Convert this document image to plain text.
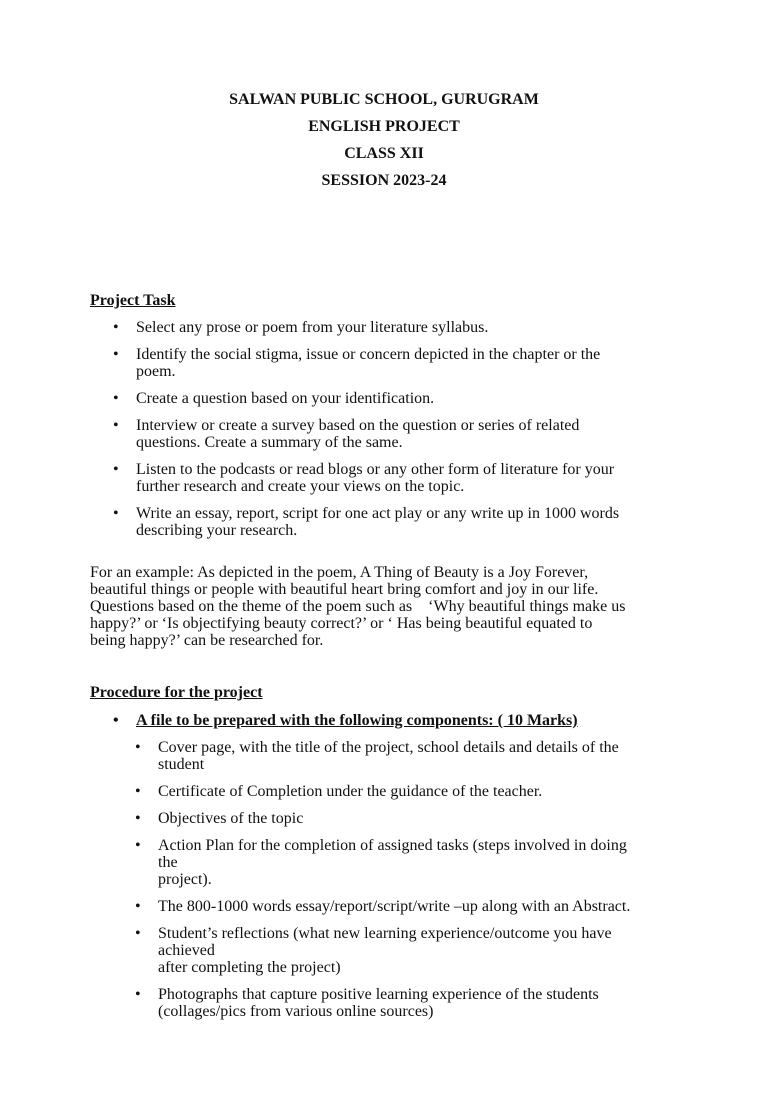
SALWAN PUBLIC SCHOOL, GURUGRAM
ENGLISH PROJECT
CLASS XII
SESSION 2023-24
Project Task
• Select any prose or poem from your literature syllabus.
• Identify the social stigma, issue or concern depicted in the chapter or the
poem.
• Create a question based on your identification.
• Interview or create a survey based on the question or series of related
questions. Create a summary of the same.
• Listen to the podcasts or read blogs or any other form of literature for your
further research and create your views on the topic.
• Write an essay, report, script for one act play or any write up in 1000 words
describing your research.
For an example: As depicted in the poem, A Thing of Beauty is a Joy Forever,
beautiful things or people with beautiful heart bring comfort and joy in our life.
Questions based on the theme of the poem such as    ‘Why beautiful things make us
happy?’ or ‘Is objectifying beauty correct?’ or ‘ Has being beautiful equated to
being happy?’ can be researched for.
Procedure for the project
• A file to be prepared with the following components: ( 10 Marks)
• Cover page, with the title of the project, school details and details of the
student
• Certificate of Completion under the guidance of the teacher.
• Objectives of the topic
• Action Plan for the completion of assigned tasks (steps involved in doing
the
project).
• The 800-1000 words essay/report/script/write –up along with an Abstract.
• Student’s reflections (what new learning experience/outcome you have
achieved
after completing the project)
• Photographs that capture positive learning experience of the students
(collages/pics from various online sources)
